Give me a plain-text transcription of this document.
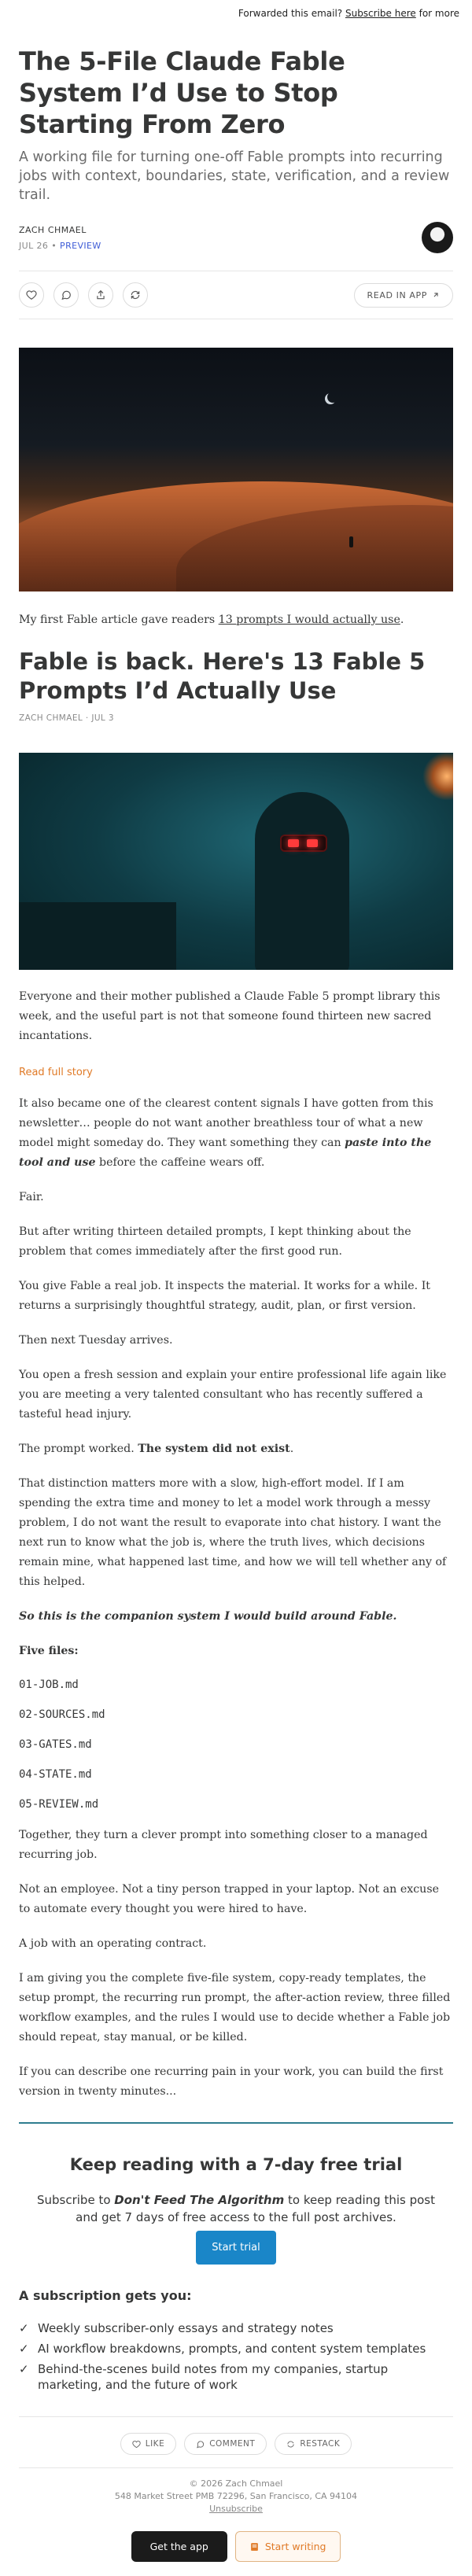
Forwarded this email? Subscribe here for more
The 5-File Claude Fable System I’d Use to Stop Starting From Zero
A working file for turning one-off Fable prompts into recurring jobs with context, boundaries, state, verification, and a review trail.
ZACH CHMAEL
JUL 26 • PREVIEW
READ IN APP

My first Fable article gave readers 13 prompts I would actually use.

Fable is back. Here's 13 Fable 5 Prompts I’d Actually Use
ZACH CHMAEL · JUL 3

Everyone and their mother published a Claude Fable 5 prompt library this week, and the useful part is not that someone found thirteen new sacred incantations.

Read full story

It also became one of the clearest content signals I have gotten from this newsletter… people do not want another breathless tour of what a new model might someday do. They want something they can paste into the tool and use before the caffeine wears off.

Fair.

But after writing thirteen detailed prompts, I kept thinking about the problem that comes immediately after the first good run.

You give Fable a real job. It inspects the material. It works for a while. It returns a surprisingly thoughtful strategy, audit, plan, or first version.

Then next Tuesday arrives.

You open a fresh session and explain your entire professional life again like you are meeting a very talented consultant who has recently suffered a tasteful head injury.

The prompt worked. The system did not exist.

That distinction matters more with a slow, high-effort model. If I am spending the extra time and money to let a model work through a messy problem, I do not want the result to evaporate into chat history. I want the next run to know what the job is, where the truth lives, which decisions remain mine, what happened last time, and how we will tell whether any of this helped.

So this is the companion system I would build around Fable.

Five files:

01-JOB.md
02-SOURCES.md
03-GATES.md
04-STATE.md
05-REVIEW.md

Together, they turn a clever prompt into something closer to a managed recurring job.

Not an employee. Not a tiny person trapped in your laptop. Not an excuse to automate every thought you were hired to have.

A job with an operating contract.

I am giving you the complete five-file system, copy-ready templates, the setup prompt, the recurring run prompt, the after-action review, three filled workflow examples, and the rules I would use to decide whether a Fable job should repeat, stay manual, or be killed.

If you can describe one recurring pain in your work, you can build the first version in twenty minutes...

Keep reading with a 7-day free trial
Subscribe to Don't Feed The Algorithm to keep reading this post and get 7 days of free access to the full post archives.
Start trial
A subscription gets you:
✓ Weekly subscriber-only essays and strategy notes
✓ AI workflow breakdowns, prompts, and content system templates
✓ Behind-the-scenes build notes from my companies, startup marketing, and the future of work
LIKE	COMMENT	RESTACK
© 2026 Zach Chmael
548 Market Street PMB 72296, San Francisco, CA 94104
Unsubscribe
Get the app	Start writing
